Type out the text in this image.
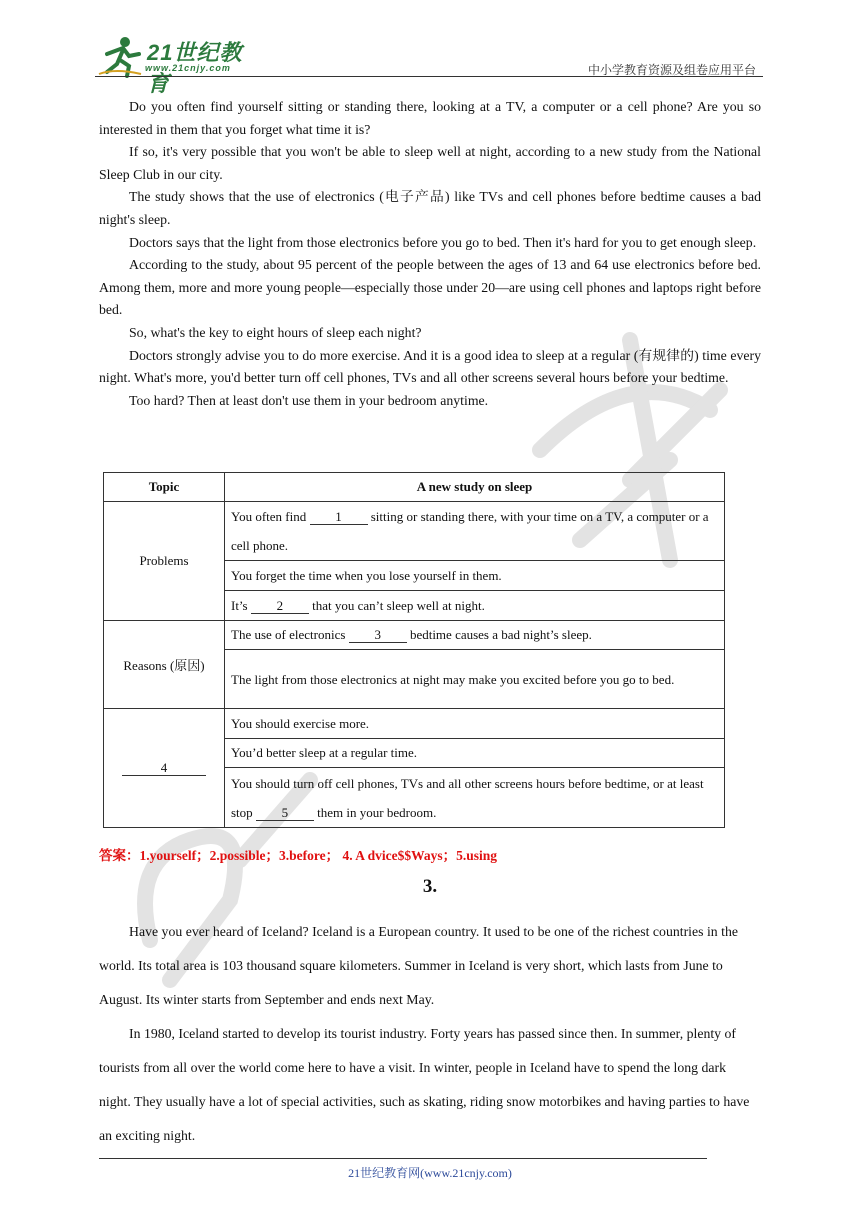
21世纪教育
www.21cnjy.com	中小学教育资源及组卷应用平台

Do you often find yourself sitting or standing there, looking at a TV, a computer or a cell phone? Are you so interested in them that you forget what time it is?

If so, it's very possible that you won't be able to sleep well at night, according to a new study from the National Sleep Club in our city.

The study shows that the use of electronics (电子产品) like TVs and cell phones before bedtime causes a bad night's sleep.

Doctors says that the light from those electronics before you go to bed. Then it's hard for you to get enough sleep.

According to the study, about 95 percent of the people between the ages of 13 and 64 use electronics before bed. Among them, more and more young people—especially those under 20—are using cell phones and laptops right before bed.

So, what's the key to eight hours of sleep each night?

Doctors strongly advise you to do more exercise. And it is a good idea to sleep at a regular (有规律的) time every night. What's more, you'd better turn off cell phones, TVs and all other screens several hours before your bedtime.

Too hard? Then at least don't use them in your bedroom anytime.

Topic	A new study on sleep
Problems	You often find 1 sitting or standing there, with your time on a TV, a computer or a cell phone.
	You forget the time when you lose yourself in them.
	It’s 2 that you can’t sleep well at night.
Reasons (原因)	The use of electronics 3 bedtime causes a bad night’s sleep.
	The light from those electronics at night may make you excited before you go to bed.
4	You should exercise more.
	You’d better sleep at a regular time.
	You should turn off cell phones, TVs and all other screens hours before bedtime, or at least stop 5 them in your bedroom.
答案：1.yourself；2.possible；3.before； 4. A dvice$$Ways；5.using
3.

Have you ever heard of Iceland? Iceland is a European country. It used to be one of the richest countries in the world. Its total area is 103 thousand square kilometers. Summer in Iceland is very short, which lasts from June to August. Its winter starts from September and ends next May.

In 1980, Iceland started to develop its tourist industry. Forty years has passed since then. In summer, plenty of tourists from all over the world come here to have a visit. In winter, people in Iceland have to spend the long dark night. They usually have a lot of special activities, such as skating, riding snow motorbikes and having parties to have an exciting night.

21世纪教育网(www.21cnjy.com)
